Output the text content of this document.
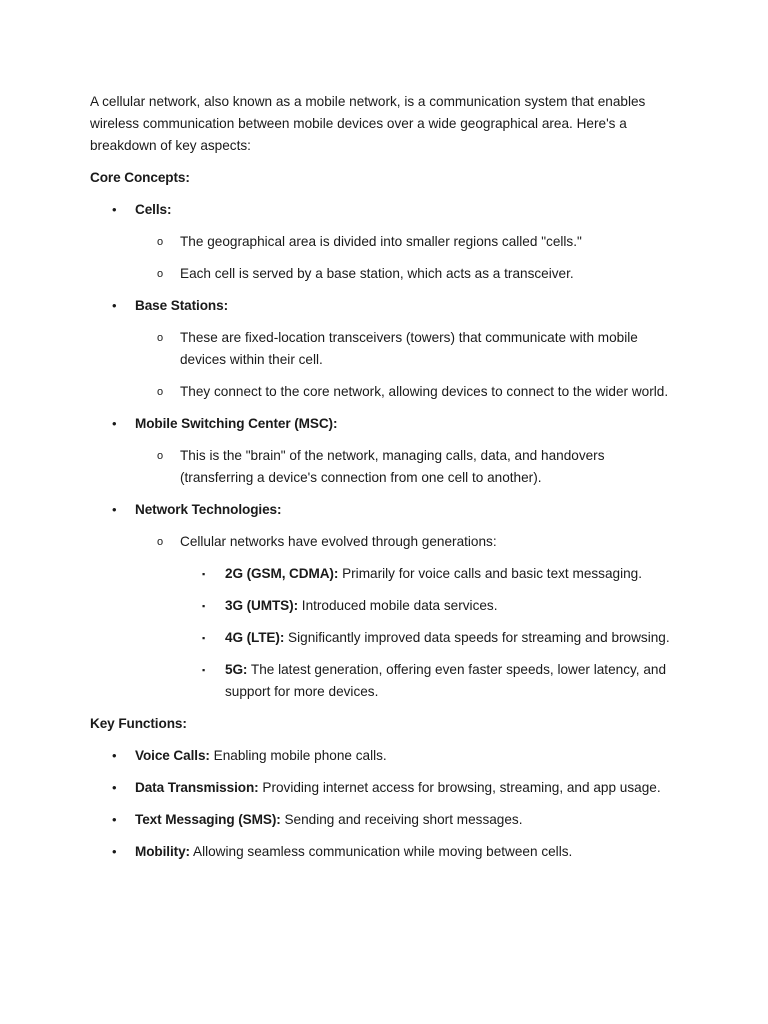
A cellular network, also known as a mobile network, is a communication system that enables wireless communication between mobile devices over a wide geographical area. Here's a breakdown of key aspects:

Core Concepts:

• Cells:
o The geographical area is divided into smaller regions called "cells."
o Each cell is served by a base station, which acts as a transceiver.
• Base Stations:
o These are fixed-location transceivers (towers) that communicate with mobile devices within their cell.
o They connect to the core network, allowing devices to connect to the wider world.
• Mobile Switching Center (MSC):
o This is the "brain" of the network, managing calls, data, and handovers (transferring a device's connection from one cell to another).
• Network Technologies:
o Cellular networks have evolved through generations:
▪ 2G (GSM, CDMA): Primarily for voice calls and basic text messaging.
▪ 3G (UMTS): Introduced mobile data services.
▪ 4G (LTE): Significantly improved data speeds for streaming and browsing.
▪ 5G: The latest generation, offering even faster speeds, lower latency, and support for more devices.

Key Functions:

• Voice Calls: Enabling mobile phone calls.
• Data Transmission: Providing internet access for browsing, streaming, and app usage.
• Text Messaging (SMS): Sending and receiving short messages.
• Mobility: Allowing seamless communication while moving between cells.
